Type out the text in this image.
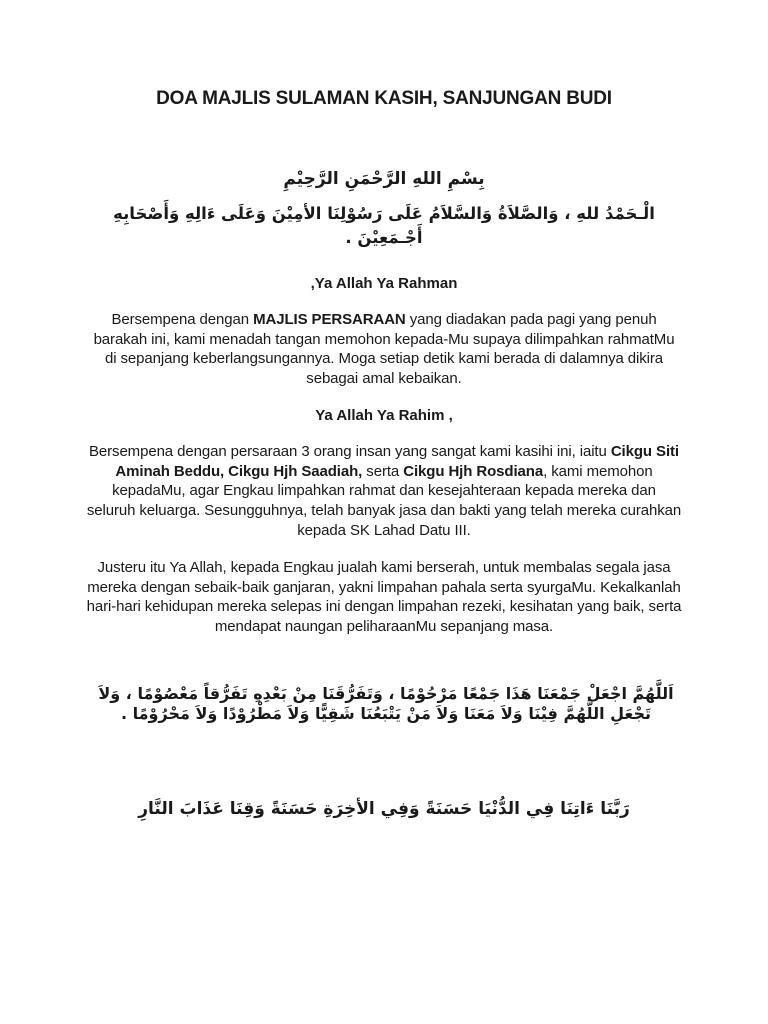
DOA MAJLIS SULAMAN KASIH, SANJUNGAN BUDI
بِسْمِ اللهِ الرَّحْمَنِ الرَّحِيْمِ
الْـحَمْدُ للهِ ، وَالصَّلاَةُ وَالسَّلاَمُ عَلَى رَسُوْلِنَا الأمِيْنَ وَعَلَى ءَالِهِ وَأَصْحَابِهِ أَجْـمَعِيْنَ .
,Ya Allah Ya Rahman
Bersempena dengan MAJLIS PERSARAAN yang diadakan pada pagi yang penuh barakah ini, kami menadah tangan memohon kepada-Mu supaya dilimpahkan rahmatMu di sepanjang keberlangsungannya. Moga setiap detik kami berada di dalamnya dikira sebagai amal kebaikan.
Ya Allah Ya Rahim ,
Bersempena dengan persaraan 3 orang insan yang sangat kami kasihi ini, iaitu Cikgu Siti Aminah Beddu, Cikgu Hjh Saadiah, serta Cikgu Hjh Rosdiana, kami memohon kepadaMu, agar Engkau limpahkan rahmat dan kesejahteraan kepada mereka dan seluruh keluarga. Sesungguhnya, telah banyak jasa dan bakti yang telah mereka curahkan kepada SK Lahad Datu III.
Justeru itu Ya Allah, kepada Engkau jualah kami berserah, untuk membalas segala jasa mereka dengan sebaik-baik ganjaran, yakni limpahan pahala serta syurgaMu. Kekalkanlah hari-hari kehidupan mereka selepas ini dengan limpahan rezeki, kesihatan yang baik, serta mendapat naungan peliharaanMu sepanjang masa.
اَللَّهُمَّ اجْعَلْ جَمْعَنَا هَذَا جَمْعًا مَرْحُوْمًا ، وَتَفَرُّقَنَا مِنْ بَعْدِهِ تَفَرُّقاً مَعْصُوْمًا ، وَلاَ تَجْعَلِ اللَّهُمَّ فِيْنَا وَلاَ مَعَنَا وَلاَ مَنْ يَتْبَعُنَا شَقِيًّا وَلاَ مَطْرُوْدًا وَلاَ مَحْرُوْمًا .
رَبَّنَا ءَاتِنَا فِي الدُّنْيَا حَسَنَةً وَفِي الأخِرَةِ حَسَنَةً وَقِنَا عَذَابَ النَّارِ
